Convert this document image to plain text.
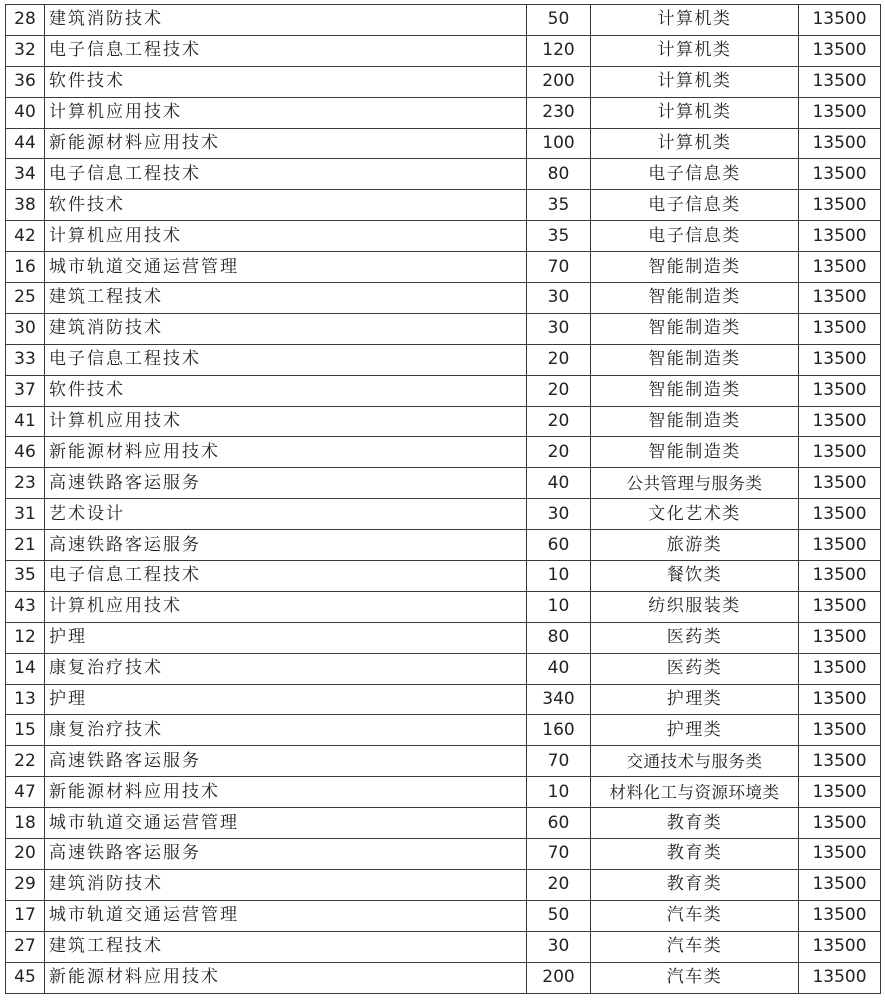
28	建筑消防技术	50	计算机类	13500
32	电子信息工程技术	120	计算机类	13500
36	软件技术	200	计算机类	13500
40	计算机应用技术	230	计算机类	13500
44	新能源材料应用技术	100	计算机类	13500
34	电子信息工程技术	80	电子信息类	13500
38	软件技术	35	电子信息类	13500
42	计算机应用技术	35	电子信息类	13500
16	城市轨道交通运营管理	70	智能制造类	13500
25	建筑工程技术	30	智能制造类	13500
30	建筑消防技术	30	智能制造类	13500
33	电子信息工程技术	20	智能制造类	13500
37	软件技术	20	智能制造类	13500
41	计算机应用技术	20	智能制造类	13500
46	新能源材料应用技术	20	智能制造类	13500
23	高速铁路客运服务	40	公共管理与服务类	13500
31	艺术设计	30	文化艺术类	13500
21	高速铁路客运服务	60	旅游类	13500
35	电子信息工程技术	10	餐饮类	13500
43	计算机应用技术	10	纺织服装类	13500
12	护理	80	医药类	13500
14	康复治疗技术	40	医药类	13500
13	护理	340	护理类	13500
15	康复治疗技术	160	护理类	13500
22	高速铁路客运服务	70	交通技术与服务类	13500
47	新能源材料应用技术	10	材料化工与资源环境类	13500
18	城市轨道交通运营管理	60	教育类	13500
20	高速铁路客运服务	70	教育类	13500
29	建筑消防技术	20	教育类	13500
17	城市轨道交通运营管理	50	汽车类	13500
27	建筑工程技术	30	汽车类	13500
45	新能源材料应用技术	200	汽车类	13500
